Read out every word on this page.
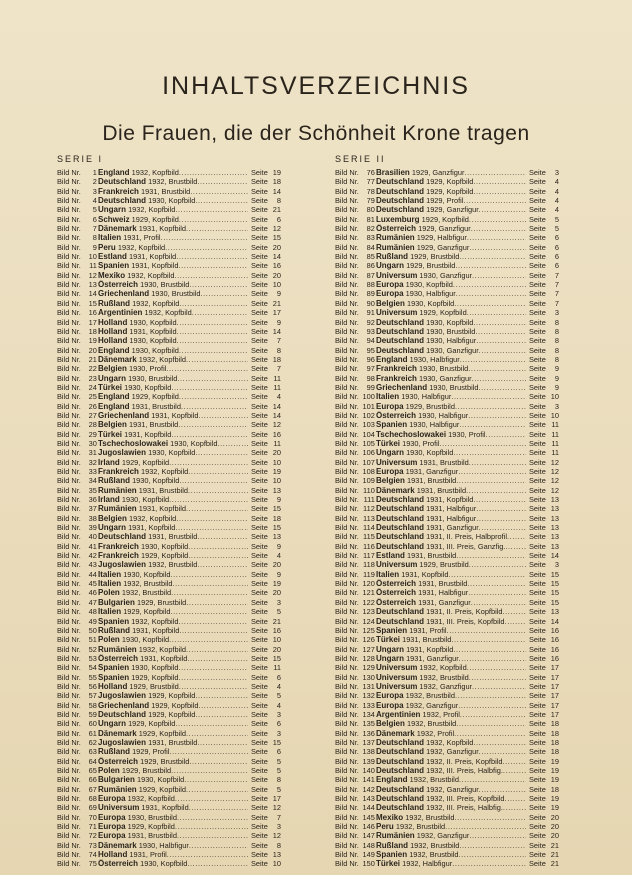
INHALTSVERZEICHNIS
Die Frauen, die der Schönheit Krone tragen
SERIE I	SERIE II
Bild Nr. 1 England 1932, Kopfbild .....	Seite 19
Bild Nr. 2 Deutschland 1932, Brustbild .....	Seite 18
Bild Nr. 3 Frankreich 1931, Brustbild .....	Seite 14
Bild Nr. 4 Deutschland 1930, Kopfbild .....	Seite 8
Bild Nr. 5 Ungarn 1932, Kopfbild .....	Seite 21
Bild Nr. 6 Schweiz 1929, Kopfbild .....	Seite 6
Bild Nr. 7 Dänemark 1931, Kopfbild .....	Seite 12
Bild Nr. 8 Italien 1931, Profil .....	Seite 15
Bild Nr. 9 Peru 1932, Kopfbild .....	Seite 20
Bild Nr. 10 Estland 1931, Kopfbild .....	Seite 14
Bild Nr. 11 Spanien 1931, Kopfbild .....	Seite 16
Bild Nr. 12 Mexiko 1932, Kopfbild .....	Seite 20
Bild Nr. 13 Österreich 1930, Brustbild .....	Seite 10
Bild Nr. 14 Griechenland 1930, Brustbild .....	Seite 9
Bild Nr. 15 Rußland 1932, Kopfbild .....	Seite 21
Bild Nr. 16 Argentinien 1932, Kopfbild .....	Seite 17
Bild Nr. 17 Holland 1930, Kopfbild .....	Seite 9
Bild Nr. 18 Holland 1931, Kopfbild .....	Seite 14
Bild Nr. 19 Holland 1930, Kopfbild .....	Seite 7
Bild Nr. 20 England 1930, Kopfbild .....	Seite 8
Bild Nr. 21 Dänemark 1932, Kopfbild .....	Seite 18
Bild Nr. 22 Belgien 1930, Profil .....	Seite 7
Bild Nr. 23 Ungarn 1930, Brustbild .....	Seite 11
Bild Nr. 24 Türkei 1930, Kopfbild .....	Seite 11
Bild Nr. 25 England 1929, Kopfbild .....	Seite 4
Bild Nr. 26 England 1931, Brustbild .....	Seite 14
Bild Nr. 27 Griechenland 1931, Kopfbild .....	Seite 14
Bild Nr. 28 Belgien 1931, Brustbild .....	Seite 12
Bild Nr. 29 Türkei 1931, Kopfbild .....	Seite 16
Bild Nr. 30 Tschechoslowakei 1930, Kopfbild .....	Seite 11
Bild Nr. 31 Jugoslawien 1930, Kopfbild .....	Seite 20
Bild Nr. 32 Irland 1929, Kopfbild .....	Seite 10
Bild Nr. 33 Frankreich 1932, Kopfbild .....	Seite 19
Bild Nr. 34 Rußland 1930, Kopfbild .....	Seite 10
Bild Nr. 35 Rumänien 1931, Brustbild .....	Seite 13
Bild Nr. 36 Irland 1930, Kopfbild .....	Seite 9
Bild Nr. 37 Rumänien 1931, Kopfbild .....	Seite 15
Bild Nr. 38 Belgien 1932, Kopfbild .....	Seite 18
Bild Nr. 39 Ungarn 1931, Kopfbild .....	Seite 15
Bild Nr. 40 Deutschland 1931, Brustbild .....	Seite 13
Bild Nr. 41 Frankreich 1930, Kopfbild .....	Seite 9
Bild Nr. 42 Frankreich 1929, Kopfbild .....	Seite 4
Bild Nr. 43 Jugoslawien 1932, Brustbild .....	Seite 20
Bild Nr. 44 Italien 1930, Kopfbild .....	Seite 9
Bild Nr. 45 Italien 1932, Brustbild .....	Seite 19
Bild Nr. 46 Polen 1932, Brustbild .....	Seite 20
Bild Nr. 47 Bulgarien 1929, Brustbild .....	Seite 3
Bild Nr. 48 Italien 1929, Kopfbild .....	Seite 5
Bild Nr. 49 Spanien 1932, Kopfbild .....	Seite 21
Bild Nr. 50 Rußland 1931, Kopfbild .....	Seite 16
Bild Nr. 51 Polen 1930, Kopfbild .....	Seite 10
Bild Nr. 52 Rumänien 1932, Kopfbild .....	Seite 20
Bild Nr. 53 Österreich 1931, Kopfbild .....	Seite 15
Bild Nr. 54 Spanien 1930, Kopfbild .....	Seite 11
Bild Nr. 55 Spanien 1929, Kopfbild .....	Seite 6
Bild Nr. 56 Holland 1929, Brustbild .....	Seite 4
Bild Nr. 57 Jugoslawien 1929, Kopfbild .....	Seite 5
Bild Nr. 58 Griechenland 1929, Kopfbild .....	Seite 4
Bild Nr. 59 Deutschland 1929, Kopfbild .....	Seite 3
Bild Nr. 60 Ungarn 1929, Kopfbild .....	Seite 6
Bild Nr. 61 Dänemark 1929, Kopfbild .....	Seite 3
Bild Nr. 62 Jugoslawien 1931, Brustbild .....	Seite 15
Bild Nr. 63 Rußland 1929, Profil .....	Seite 6
Bild Nr. 64 Österreich 1929, Brustbild .....	Seite 5
Bild Nr. 65 Polen 1929, Brustbild .....	Seite 5
Bild Nr. 66 Bulgarien 1930, Kopfbild .....	Seite 8
Bild Nr. 67 Rumänien 1929, Kopfbild .....	Seite 5
Bild Nr. 68 Europa 1932, Kopfbild .....	Seite 17
Bild Nr. 69 Universum 1931, Kopfbild .....	Seite 12
Bild Nr. 70 Europa 1930, Brustbild .....	Seite 7
Bild Nr. 71 Europa 1929, Kopfbild .....	Seite 3
Bild Nr. 72 Europa 1931, Brustbild .....	Seite 12
Bild Nr. 73 Dänemark 1930, Halbfigur .....	Seite 8
Bild Nr. 74 Holland 1931, Profil .....	Seite 13
Bild Nr. 75 Österreich 1930, Kopfbild .....	Seite 10
Bild Nr. 76 Brasilien 1929, Ganzfigur .....	Seite 3
Bild Nr. 77 Deutschland 1929, Kopfbild .....	Seite 4
Bild Nr. 78 Deutschland 1929, Kopfbild .....	Seite 4
Bild Nr. 79 Deutschland 1929, Profil .....	Seite 4
Bild Nr. 80 Deutschland 1929, Ganzfigur .....	Seite 4
Bild Nr. 81 Luxemburg 1929, Kopfbild .....	Seite 5
Bild Nr. 82 Österreich 1929, Ganzfigur .....	Seite 5
Bild Nr. 83 Rumänien 1929, Halbfigur .....	Seite 6
Bild Nr. 84 Rumänien 1929, Ganzfigur .....	Seite 6
Bild Nr. 85 Rußland 1929, Brustbild .....	Seite 6
Bild Nr. 86 Ungarn 1929, Brustbild .....	Seite 6
Bild Nr. 87 Universum 1930, Ganzfigur .....	Seite 7
Bild Nr. 88 Europa 1930, Kopfbild .....	Seite 7
Bild Nr. 89 Europa 1930, Halbfigur .....	Seite 7
Bild Nr. 90 Belgien 1930, Kopfbild .....	Seite 7
Bild Nr. 91 Universum 1929, Kopfbild .....	Seite 3
Bild Nr. 92 Deutschland 1930, Kopfbild .....	Seite 8
Bild Nr. 93 Deutschland 1930, Brustbild .....	Seite 8
Bild Nr. 94 Deutschland 1930, Halbfigur .....	Seite 8
Bild Nr. 95 Deutschland 1930, Ganzfigur .....	Seite 8
Bild Nr. 96 England 1930, Halbfigur .....	Seite 8
Bild Nr. 97 Frankreich 1930, Brustbild .....	Seite 9
Bild Nr. 98 Frankreich 1930, Ganzfigur .....	Seite 9
Bild Nr. 99 Griechenland 1930, Brustbild .....	Seite 9
Bild Nr. 100 Italien 1930, Halbfigur .....	Seite 10
Bild Nr. 101 Europa 1929, Brustbild .....	Seite 3
Bild Nr. 102 Österreich 1930, Halbfigur .....	Seite 10
Bild Nr. 103 Spanien 1930, Halbfigur .....	Seite 11
Bild Nr. 104 Tschechoslowakei 1930, Profil .....	Seite 11
Bild Nr. 105 Türkei 1930, Profil .....	Seite 11
Bild Nr. 106 Ungarn 1930, Kopfbild .....	Seite 11
Bild Nr. 107 Universum 1931, Brustbild .....	Seite 12
Bild Nr. 108 Europa 1931, Ganzfigur .....	Seite 12
Bild Nr. 109 Belgien 1931, Brustbild .....	Seite 12
Bild Nr. 110 Dänemark 1931, Brustbild .....	Seite 12
Bild Nr. 111 Deutschland 1931, Kopfbild .....	Seite 13
Bild Nr. 112 Deutschland 1931, Halbfigur .....	Seite 13
Bild Nr. 113 Deutschland 1931, Halbfigur .....	Seite 13
Bild Nr. 114 Deutschland 1931, Ganzfigur .....	Seite 13
Bild Nr. 115 Deutschland 1931, II. Preis, Halbprofil .....	Seite 13
Bild Nr. 116 Deutschland 1931, III. Preis, Ganzfig. .....	Seite 13
Bild Nr. 117 Estland 1931, Brustbild .....	Seite 14
Bild Nr. 118 Universum 1929, Brustbild .....	Seite 3
Bild Nr. 119 Italien 1931, Kopfbild .....	Seite 15
Bild Nr. 120 Österreich 1931, Brustbild .....	Seite 15
Bild Nr. 121 Österreich 1931, Halbfigur .....	Seite 15
Bild Nr. 122 Österreich 1931, Ganzfigur .....	Seite 15
Bild Nr. 123 Deutschland 1931, II. Preis, Kopfbild .....	Seite 13
Bild Nr. 124 Deutschland 1931, III. Preis, Kopfbild .....	Seite 14
Bild Nr. 125 Spanien 1931, Profil .....	Seite 16
Bild Nr. 126 Türkei 1931, Brustbild .....	Seite 16
Bild Nr. 127 Ungarn 1931, Kopfbild .....	Seite 16
Bild Nr. 128 Ungarn 1931, Ganzfigur .....	Seite 16
Bild Nr. 129 Universum 1932, Kopfbild .....	Seite 17
Bild Nr. 130 Universum 1932, Brustbild .....	Seite 17
Bild Nr. 131 Universum 1932, Ganzfigur .....	Seite 17
Bild Nr. 132 Europa 1932, Brustbild .....	Seite 17
Bild Nr. 133 Europa 1932, Ganzfigur .....	Seite 17
Bild Nr. 134 Argentinien 1932, Profil .....	Seite 17
Bild Nr. 135 Belgien 1932, Brustbild .....	Seite 18
Bild Nr. 136 Dänemark 1932, Profil .....	Seite 18
Bild Nr. 137 Deutschland 1932, Kopfbild .....	Seite 18
Bild Nr. 138 Deutschland 1932, Ganzfigur .....	Seite 18
Bild Nr. 139 Deutschland 1932, II. Preis, Kopfbild .....	Seite 19
Bild Nr. 140 Deutschland 1932, III. Preis, Halbfig. .....	Seite 19
Bild Nr. 141 England 1932, Brustbild .....	Seite 19
Bild Nr. 142 Deutschland 1932, Ganzfigur .....	Seite 18
Bild Nr. 143 Deutschland 1932, III. Preis, Kopfbild .....	Seite 19
Bild Nr. 144 Deutschland 1932, III. Preis, Halbfig. .....	Seite 19
Bild Nr. 145 Mexiko 1932, Brustbild .....	Seite 20
Bild Nr. 146 Peru 1932, Brustbild .....	Seite 20
Bild Nr. 147 Rumänien 1932, Ganzfigur .....	Seite 20
Bild Nr. 148 Rußland 1932, Brustbild .....	Seite 21
Bild Nr. 149 Spanien 1932, Brustbild .....	Seite 21
Bild Nr. 150 Türkei 1932, Halbfigur .....	Seite 21
